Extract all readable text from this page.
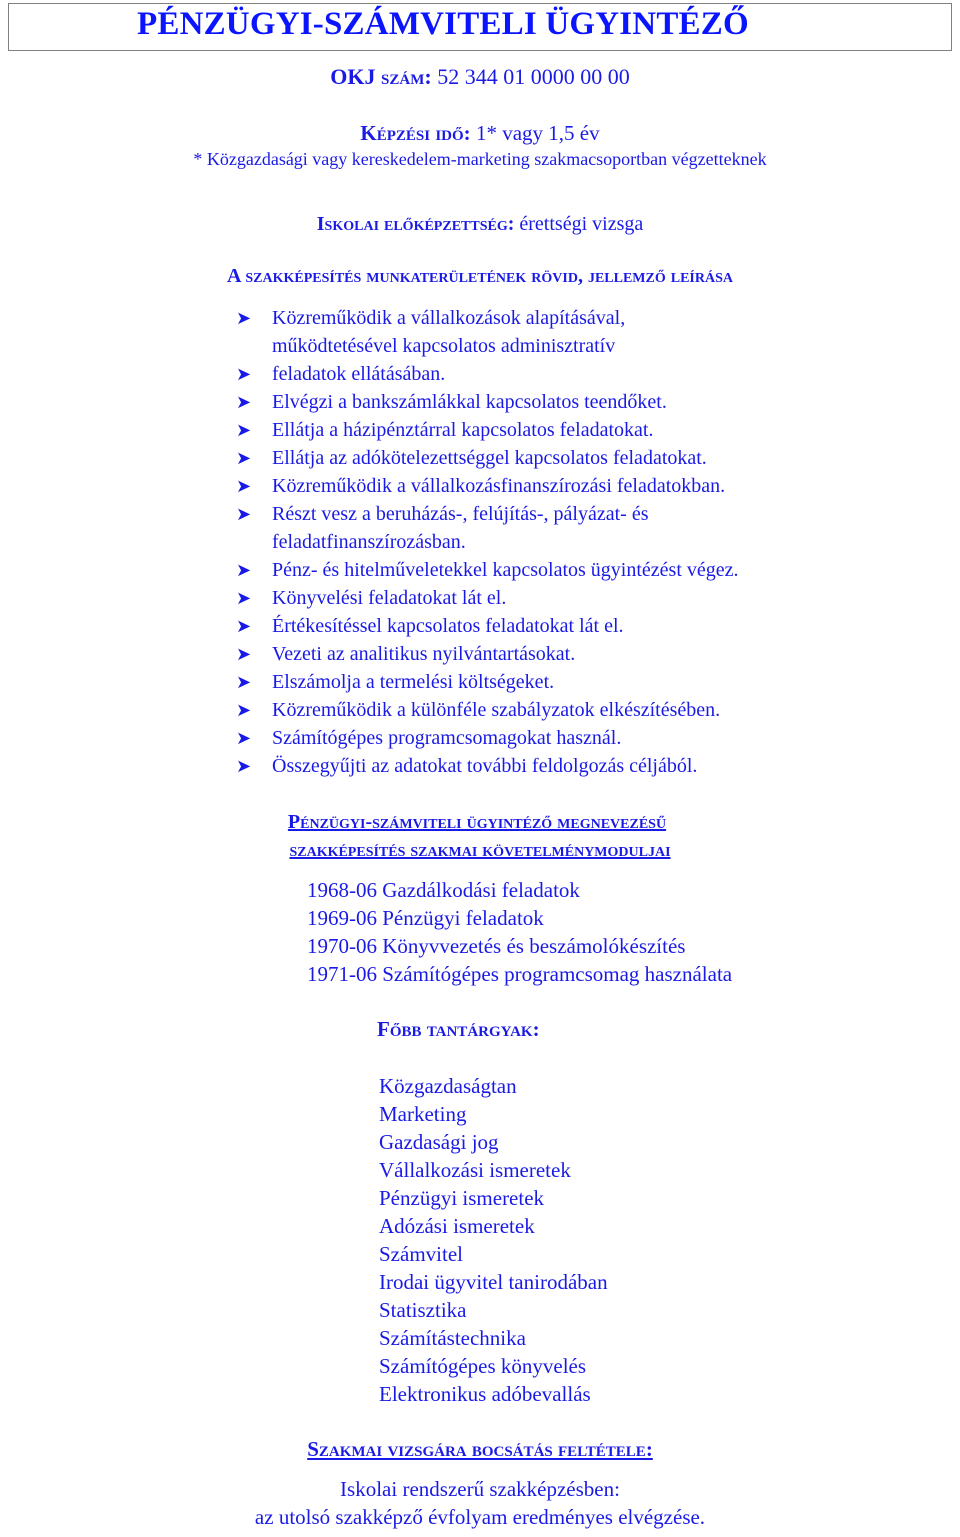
PÉNZÜGYI-SZÁMVITELI ÜGYINTÉZŐ
OKJ szám: 52 344 01 0000 00 00
Képzési idő: 1* vagy 1,5 év
* Közgazdasági vagy kereskedelem-marketing szakmacsoportban végzetteknek
Iskolai előképzettség: érettségi vizsga
A szakképesítés munkaterületének rövid, jellemző leírása
➤ Közreműködik a vállalkozások alapításával,
működtetésével kapcsolatos adminisztratív
➤ feladatok ellátásában.
➤ Elvégzi a bankszámlákkal kapcsolatos teendőket.
➤ Ellátja a házipénztárral kapcsolatos feladatokat.
➤ Ellátja az adókötelezettséggel kapcsolatos feladatokat.
➤ Közreműködik a vállalkozásfinanszírozási feladatokban.
➤ Részt vesz a beruházás-, felújítás-, pályázat- és
feladatfinanszírozásban.
➤ Pénz- és hitelműveletekkel kapcsolatos ügyintézést végez.
➤ Könyvelési feladatokat lát el.
➤ Értékesítéssel kapcsolatos feladatokat lát el.
➤ Vezeti az analitikus nyilvántartásokat.
➤ Elszámolja a termelési költségeket.
➤ Közreműködik a különféle szabályzatok elkészítésében.
➤ Számítógépes programcsomagokat használ.
➤ Összegyűjti az adatokat további feldolgozás céljából.
Pénzügyi-számviteli ügyintéző megnevezésű
szakképesítés szakmai követelménymoduljai
1968-06 Gazdálkodási feladatok
1969-06 Pénzügyi feladatok
1970-06 Könyvvezetés és beszámolókészítés
1971-06 Számítógépes programcsomag használata
Főbb tantárgyak:
Közgazdaságtan
Marketing
Gazdasági jog
Vállalkozási ismeretek
Pénzügyi ismeretek
Adózási ismeretek
Számvitel
Irodai ügyvitel tanirodában
Statisztika
Számítástechnika
Számítógépes könyvelés
Elektronikus adóbevallás
Szakmai vizsgára bocsátás feltétele:
Iskolai rendszerű szakképzésben:
az utolsó szakképző évfolyam eredményes elvégzése.
